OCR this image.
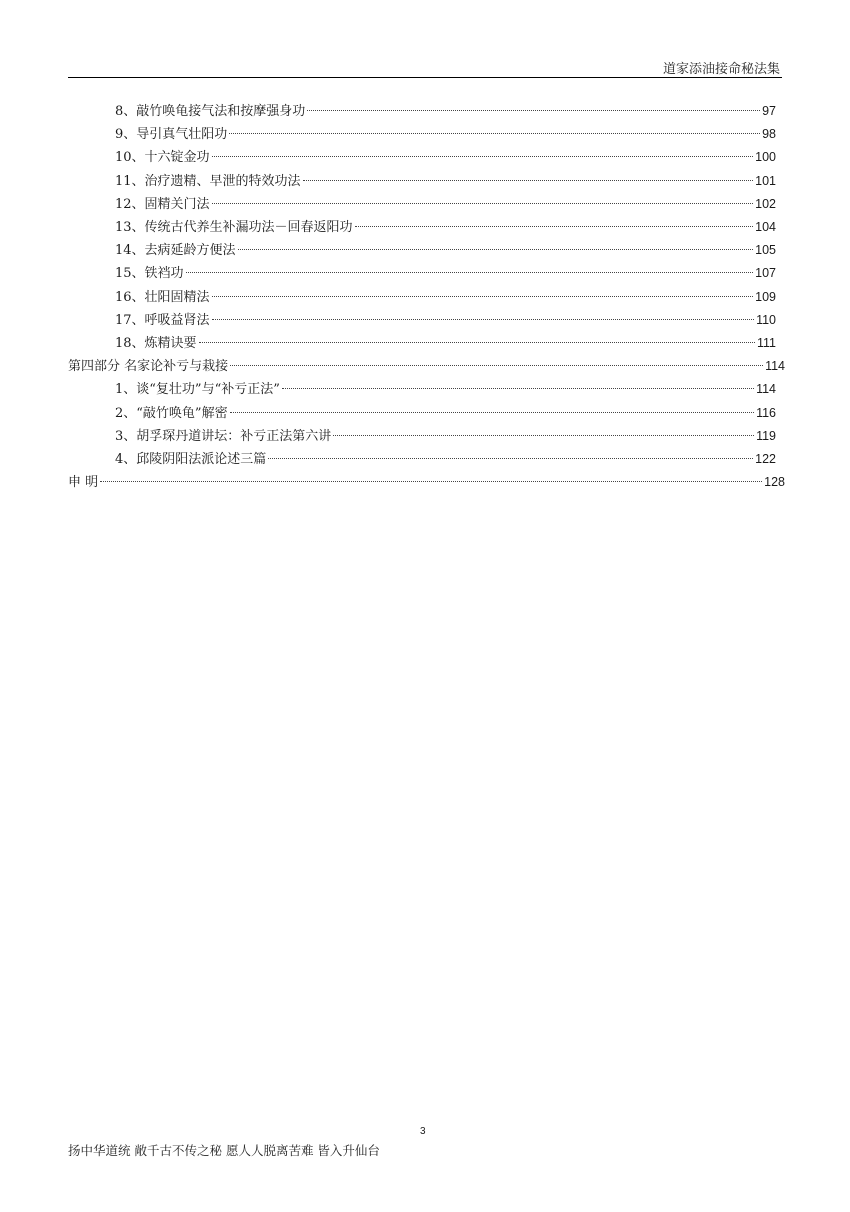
道家添油接命秘法集
8、敲竹唤龟接气法和按摩强身功	97
9、导引真气壮阳功	98
10、十六锭金功	100
11、治疗遗精、早泄的特效功法	101
12、固精关门法	102
13、传统古代养生补漏功法－回春返阳功	104
14、去病延龄方便法	105
15、铁裆功	107
16、壮阳固精法	109
17、呼吸益肾法	110
18、炼精诀要	111
第四部分 名家论补亏与栽接	114
1、谈“复壮功”与“补亏正法”	114
2、“敲竹唤龟”解密	116
3、胡孚琛丹道讲坛：补亏正法第六讲	119
4、邱陵阴阳法派论述三篇	122
申 明	128
3
扬中华道统 敞千古不传之秘 愿人人脱离苦难 皆入升仙台
